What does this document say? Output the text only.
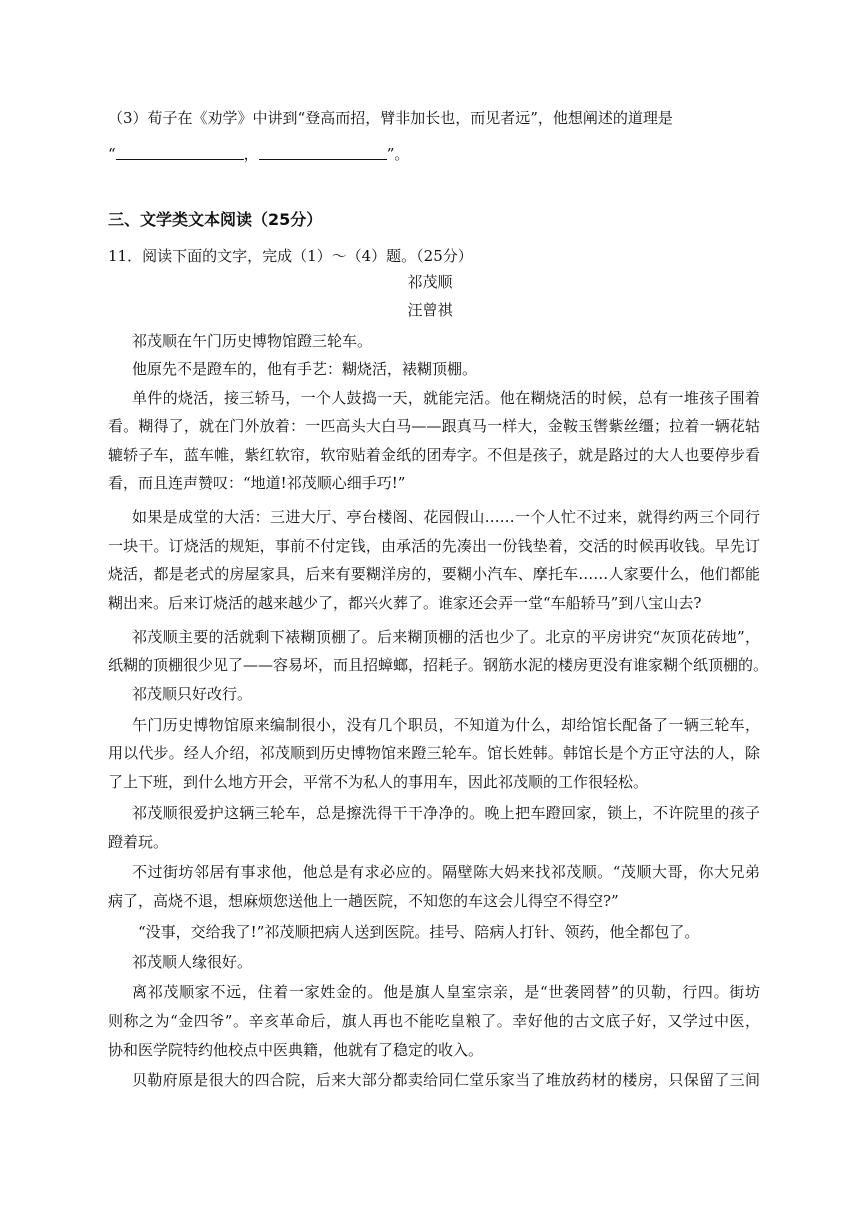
（3）荀子在《劝学》中讲到“登高而招，臂非加长也，而见者远”，他想阐述的道理是
“	，	”。
三、文学类文本阅读（25分）
11．阅读下面的文字，完成（1）～（4）题。（25分）
祁茂顺
汪曾祺
祁茂顺在午门历史博物馆蹬三轮车。
他原先不是蹬车的，他有手艺：糊烧活，裱糊顶棚。
单件的烧活，接三轿马，一个人鼓捣一天，就能完活。他在糊烧活的时候，总有一堆孩子围着
看。糊得了，就在门外放着：一匹高头大白马——跟真马一样大，金鞍玉辔紫丝缰；拉着一辆花轱
辘轿子车，蓝车帷，紫红软帘，软帘贴着金纸的团寿字。不但是孩子，就是路过的大人也要停步看
看，而且连声赞叹：“地道!祁茂顺心细手巧!”
如果是成堂的大活：三进大厅、亭台楼阁、花园假山……一个人忙不过来，就得约两三个同行
一块干。订烧活的规矩，事前不付定钱，由承活的先凑出一份钱垫着，交活的时候再收钱。早先订
烧活，都是老式的房屋家具，后来有要糊洋房的，要糊小汽车、摩托车……人家要什么，他们都能
糊出来。后来订烧活的越来越少了，都兴火葬了。谁家还会弄一堂“车船轿马”到八宝山去?
祁茂顺主要的活就剩下裱糊顶棚了。后来糊顶棚的活也少了。北京的平房讲究“灰顶花砖地”，
纸糊的顶棚很少见了——容易坏，而且招蟑螂，招耗子。钢筋水泥的楼房更没有谁家糊个纸顶棚的。
祁茂顺只好改行。
午门历史博物馆原来编制很小，没有几个职员，不知道为什么，却给馆长配备了一辆三轮车，
用以代步。经人介绍，祁茂顺到历史博物馆来蹬三轮车。馆长姓韩。韩馆长是个方正守法的人，除
了上下班，到什么地方开会，平常不为私人的事用车，因此祁茂顺的工作很轻松。
祁茂顺很爱护这辆三轮车，总是擦洗得干干净净的。晚上把车蹬回家，锁上，不许院里的孩子
蹬着玩。
不过街坊邻居有事求他，他总是有求必应的。隔壁陈大妈来找祁茂顺。“茂顺大哥，你大兄弟
病了，高烧不退，想麻烦您送他上一趟医院，不知您的车这会儿得空不得空?”
“没事，交给我了!”祁茂顺把病人送到医院。挂号、陪病人打针、领药，他全都包了。
祁茂顺人缘很好。
离祁茂顺家不远，住着一家姓金的。他是旗人皇室宗亲，是“世袭罔替”的贝勒，行四。街坊
则称之为“金四爷”。辛亥革命后，旗人再也不能吃皇粮了。幸好他的古文底子好，又学过中医，
协和医学院特约他校点中医典籍，他就有了稳定的收入。
贝勒府原是很大的四合院，后来大部分都卖给同仁堂乐家当了堆放药材的楼房，只保留了三间
